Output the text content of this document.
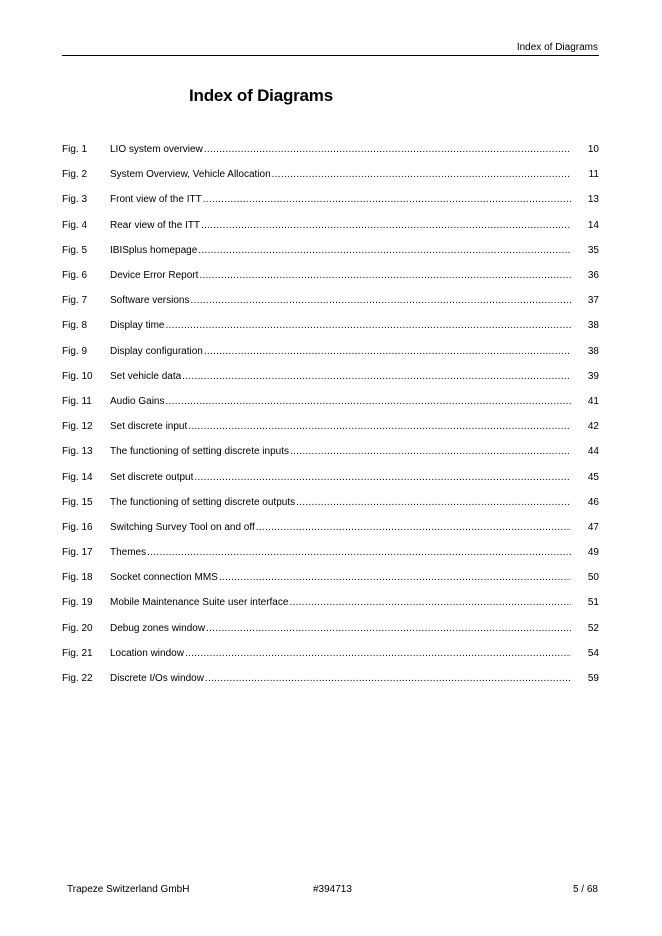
Index of Diagrams
Index of Diagrams
Fig. 1	LIO system overview .....	10
Fig. 2	System Overview, Vehicle Allocation .....	11
Fig. 3	Front view of the ITT .....	13
Fig. 4	Rear view of the ITT .....	14
Fig. 5	IBISplus homepage .....	35
Fig. 6	Device Error Report .....	36
Fig. 7	Software versions .....	37
Fig. 8	Display time .....	38
Fig. 9	Display configuration .....	38
Fig. 10	Set vehicle data .....	39
Fig. 11	Audio Gains .....	41
Fig. 12	Set discrete input .....	42
Fig. 13	The functioning of setting discrete inputs .....	44
Fig. 14	Set discrete output .....	45
Fig. 15	The functioning of setting discrete outputs .....	46
Fig. 16	Switching Survey Tool on and off .....	47
Fig. 17	Themes .....	49
Fig. 18	Socket connection MMS .....	50
Fig. 19	Mobile Maintenance Suite user interface .....	51
Fig. 20	Debug zones window .....	52
Fig. 21	Location window .....	54
Fig. 22	Discrete I/Os window .....	59
Trapeze Switzerland GmbH	#394713	5 / 68
